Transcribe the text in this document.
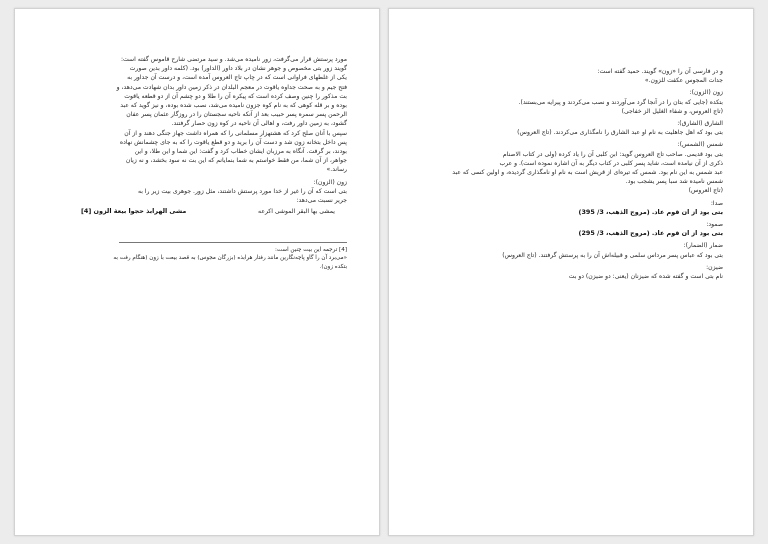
مورد پرستش قرار می‌گرفت، زور نامیده می‌شد. و سید مرتضی شارح قاموس گفته است:

گویند زور بتی مخصوص و جوهر نشان در بلاد داور (الداور) بود. (کلمه داور بدین صورت

یکی از غلطهای فراوانی است که در چاپ تاج العروس آمده است، و درست آن جداور به

فتح جیم و به صحت جداوه یاقوت در معجم البلدان در ذکر زمین داور بدان شهادت می‌دهد، و

بت مذکور را چنین وصف کرده است که پیکره آن را طلا و دو چشم آن از دو قطعه یاقوت

بوده و بر قله کوهی که به نام کوه جزون نامیده می‌شد، نصب شده بوده، و نیز گوید که عبد

الرحمن پسر سمره پسر حبیب بعد از آنکه ناحیه سجستان را در روزگار عثمان پسر عفان

گشود، به زمین داور رفت، و اهالی آن ناحیه در کوه زون حصار گرفتند.

سپس با آنان صلح کرد که هشتهزار مسلمانی را که همراه داشت جهاز جنگی دهند و از آن

پس داخل بتخانه زون شد و دست آن را برید و دو قطع یاقوت را که به جای چشمانش نهاده

بودند، بر گرفت. آنگاه به مرزبان ایشان خطاب کرد و گفت: این شما و این طلا، و این

جواهر، از آن شما، من فقط خواستم به شما بنمایانم که این بت نه سود بخشد، و نه زیان

رساند.»

زون (الزون):

بتی است که آن را غیر از خدا مورد پرستش داشتند، مثل زور. جوهری بیت زیر را به

جریر نسبت می‌دهد:

یمشی بها البقر الموشی اکرعه
مشی الهرابذ حجوا بیعة الزون [4]

[4] ترجمه این بیت چنین است:

«می‌برد آن را گاو پاچه‌نگارین مانند رفتار هرابذه (بزرگان مجوس) به قصد بیعت با زون (هنگام رفت به

بتکده زون).

و در فارسی آن را «زون» گویند. حمید گفته است:

جدات المجوس عکفت للزون.»

زون (الزون):

بتکده (جایی که بتان را در آنجا گرد می‌آوردند و نصب می‌کردند و پیرایه می‌بستند).

(تاج العروس، و شفاء الغلیل الز خفاجی)

الشارق (الشارق):

بتی بود که اهل جاهلیت به نام او عبد الشارق را نامگذاری می‌کردند. (تاج العروس)

شمس (الشمس):

بتی بود قدیمی. صاحب تاج العروس گوید: ابن کلبی آن را یاد کرده (ولی در کتاب الاصنام

ذکری از آن نیامده است، شاید پسر کلبی در کتاب دیگر به آن اشاره نموده است). و عرب

عبد شمس به این نام بود. شمس که تیره‌ای از قریش است به نام او نامگذاری گردیده، و اولین کسی که عبد

شمس نامیده شد سبا پسر یشجب بود.

(تاج العروس)

صدا:

بتی بود از ان قوم عاد. (مروج الذهب، 3/ 395)

صمود:

بتی بود از ان قوم عاد. (مروج الذهب، 3/ 295)

ضمار (الضمار):

بتی بود که عباس پسر مرداس سلمی و قبیله‌اش آن را به پرستش گرفتند. (تاج العروس)

ضیزن:

نام بتی است و گفته شده که ضیزنان (یعنی: دو ضیزن) دو بت
